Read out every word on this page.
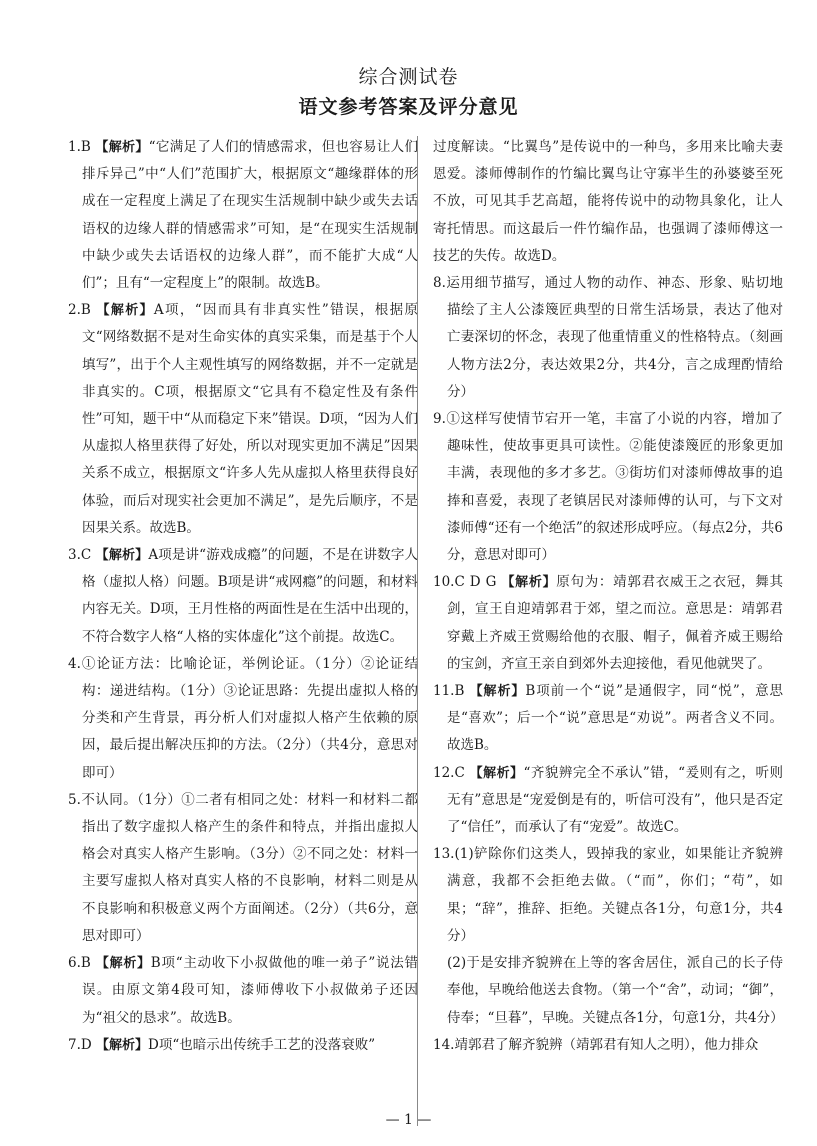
综合测试卷
语文参考答案及评分意见

1.B 【解析】“它满足了人们的情感需求，但也容易让人们排斥异己”中“人们”范围扩大，根据原文“趣缘群体的形成在一定程度上满足了在现实生活规制中缺少或失去话语权的边缘人群的情感需求”可知，是“在现实生活规制中缺少或失去话语权的边缘人群”，而不能扩大成“人们”；且有“一定程度上”的限制。故选B。

2.B 【解析】A项，“因而具有非真实性”错误，根据原文“网络数据不是对生命实体的真实采集，而是基于个人填写”，出于个人主观性填写的网络数据，并不一定就是非真实的。C项，根据原文“它具有不稳定性及有条件性”可知，题干中“从而稳定下来”错误。D项，“因为人们从虚拟人格里获得了好处，所以对现实更加不满足”因果关系不成立，根据原文“许多人先从虚拟人格里获得良好体验，而后对现实社会更加不满足”，是先后顺序，不是因果关系。故选B。

3.C 【解析】A项是讲“游戏成瘾”的问题，不是在讲数字人格（虚拟人格）问题。B项是讲“戒网瘾”的问题，和材料内容无关。D项，王月性格的两面性是在生活中出现的，不符合数字人格“人格的实体虚化”这个前提。故选C。

4.①论证方法：比喻论证，举例论证。（1分）②论证结构：递进结构。（1分）③论证思路：先提出虚拟人格的分类和产生背景，再分析人们对虚拟人格产生依赖的原因，最后提出解决压抑的方法。（2分）（共4分，意思对即可）

5.不认同。（1分）①二者有相同之处：材料一和材料二都指出了数字虚拟人格产生的条件和特点，并指出虚拟人格会对真实人格产生影响。（3分）②不同之处：材料一主要写虚拟人格对真实人格的不良影响，材料二则是从不良影响和积极意义两个方面阐述。（2分）（共6分，意思对即可）

6.B 【解析】B项“主动收下小叔做他的唯一弟子”说法错误。由原文第4段可知，漆师傅收下小叔做弟子还因为“祖父的恳求”。故选B。

7.D 【解析】D项“也暗示出传统手工艺的没落衰败”

过度解读。“比翼鸟”是传说中的一种鸟，多用来比喻夫妻恩爱。漆师傅制作的竹编比翼鸟让守寡半生的孙婆婆至死不放，可见其手艺高超，能将传说中的动物具象化，让人寄托情思。而这最后一件竹编作品，也强调了漆师傅这一技艺的失传。故选D。

8.运用细节描写，通过人物的动作、神态、形象、贴切地描绘了主人公漆篾匠典型的日常生活场景，表达了他对亡妻深切的怀念，表现了他重情重义的性格特点。（刻画人物方法2分，表达效果2分，共4分，言之成理酌情给分）

9.①这样写使情节宕开一笔，丰富了小说的内容，增加了趣味性，使故事更具可读性。②能使漆篾匠的形象更加丰满，表现他的多才多艺。③街坊们对漆师傅故事的追捧和喜爱，表现了老镇居民对漆师傅的认可，与下文对漆师傅“还有一个绝活”的叙述形成呼应。（每点2分，共6分，意思对即可）

10.C D G 【解析】原句为：靖郭君衣威王之衣冠，舞其剑，宣王自迎靖郭君于郊，望之而泣。意思是：靖郭君穿戴上齐威王赏赐给他的衣服、帽子，佩着齐威王赐给的宝剑，齐宣王亲自到郊外去迎接他，看见他就哭了。

11.B 【解析】B项前一个“说”是通假字，同“悦”，意思是“喜欢”；后一个“说”意思是“劝说”。两者含义不同。故选B。

12.C 【解析】“齐貌辨完全不承认”错，“爰则有之，听则无有”意思是“宠爱倒是有的，听信可没有”，他只是否定了“信任”，而承认了有“宠爱”。故选C。

13.(1)铲除你们这类人，毁掉我的家业，如果能让齐貌辨满意，我都不会拒绝去做。（“而”，你们；“苟”，如果；“辞”，推辞、拒绝。关键点各1分，句意1分，共4分）

(2)于是安排齐貌辨在上等的客舍居住，派自己的长子侍奉他，早晚给他送去食物。（第一个“舍”，动词；“御”，侍奉；“旦暮”，早晚。关键点各1分，句意1分，共4分）

14.靖郭君了解齐貌辨（靖郭君有知人之明），他力排众

— 1 —
